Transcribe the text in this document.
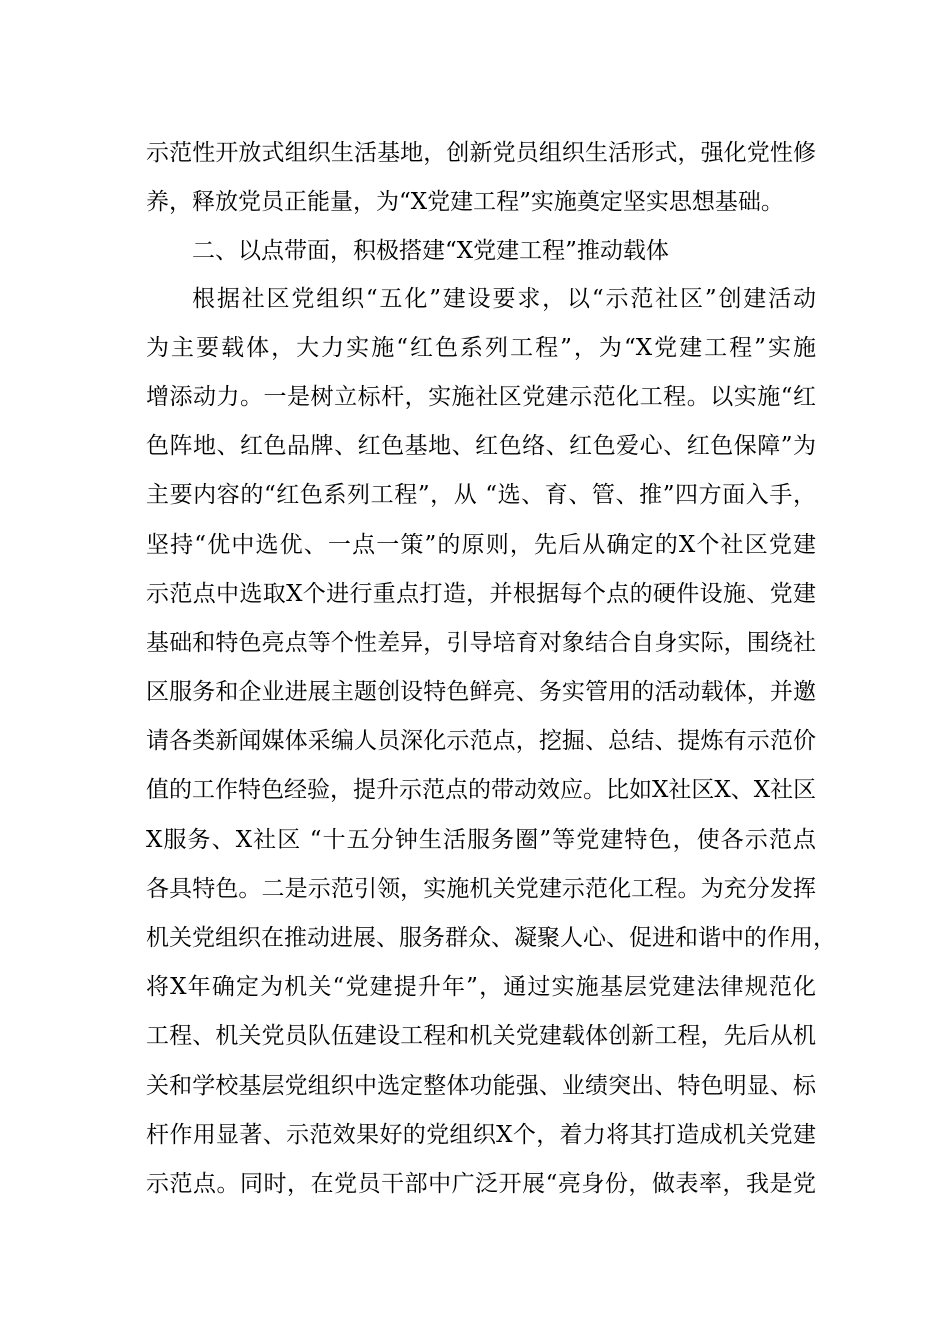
示范性开放式组织生活基地，创新党员组织生活形式，强化党性修
养，释放党员正能量，为“X党建工程”实施奠定坚实思想基础。
二、以点带面，积极搭建“X党建工程”推动载体
根据社区党组织“五化”建设要求，以“示范社区”创建活动
为主要载体，大力实施“红色系列工程”，为“X党建工程”实施
增添动力。一是树立标杆，实施社区党建示范化工程。以实施“红
色阵地、红色品牌、红色基地、红色络、红色爱心、红色保障”为
主要内容的“红色系列工程”，从 “选、育、管、推”四方面入手，
坚持“优中选优、一点一策”的原则，先后从确定的X个社区党建
示范点中选取X个进行重点打造，并根据每个点的硬件设施、党建
基础和特色亮点等个性差异，引导培育对象结合自身实际，围绕社
区服务和企业进展主题创设特色鲜亮、务实管用的活动载体，并邀
请各类新闻媒体采编人员深化示范点，挖掘、总结、提炼有示范价
值的工作特色经验，提升示范点的带动效应。比如X社区X、X社区
X服务、X社区 “十五分钟生活服务圈”等党建特色，使各示范点
各具特色。二是示范引领，实施机关党建示范化工程。为充分发挥
机关党组织在推动进展、服务群众、凝聚人心、促进和谐中的作用，
将X年确定为机关“党建提升年”，通过实施基层党建法律规范化
工程、机关党员队伍建设工程和机关党建载体创新工程，先后从机
关和学校基层党组织中选定整体功能强、业绩突出、特色明显、标
杆作用显著、示范效果好的党组织X个，着力将其打造成机关党建
示范点。同时，在党员干部中广泛开展“亮身份，做表率，我是党
